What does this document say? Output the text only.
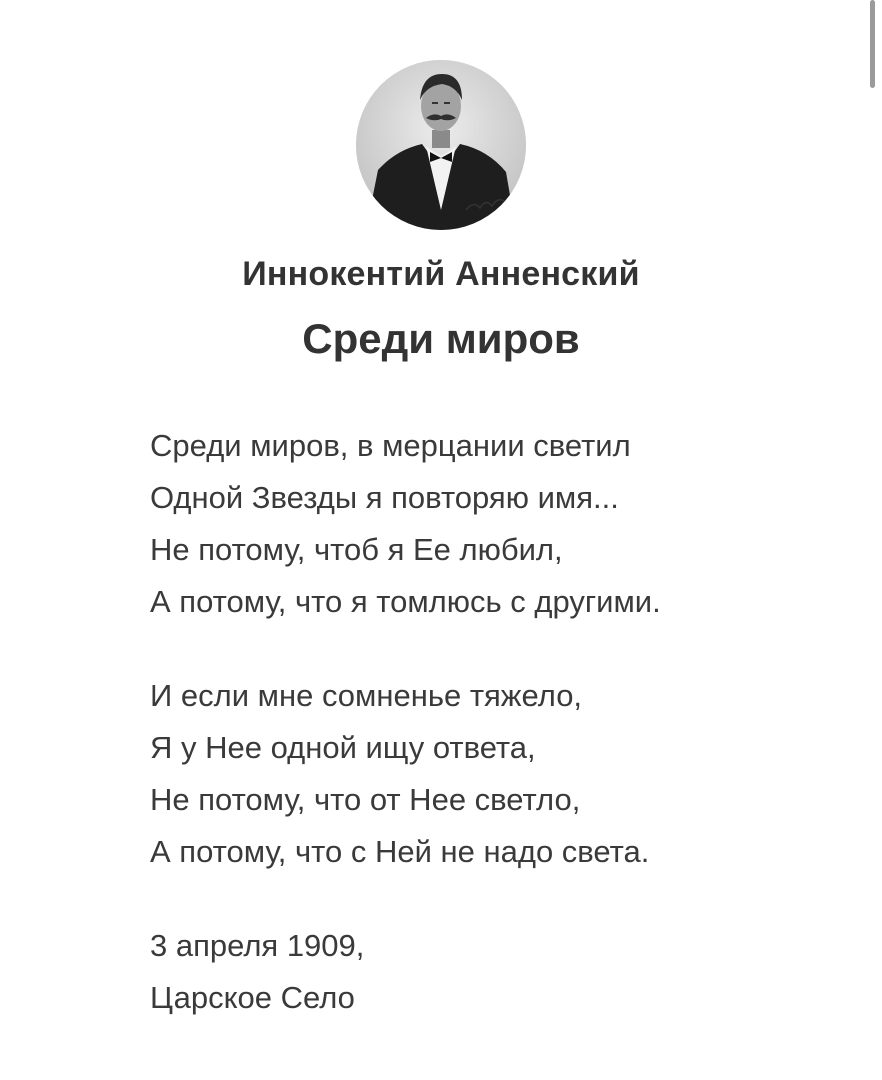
Иннокентий Анненский
Среди миров
Среди миров, в мерцании светил
Одной Звезды я повторяю имя...
Не потому, чтоб я Ее любил,
А потому, что я томлюсь с другими.
И если мне сомненье тяжело,
Я у Нее одной ищу ответа,
Не потому, что от Нее светло,
А потому, что с Ней не надо света.
3 апреля 1909,
Царское Село
